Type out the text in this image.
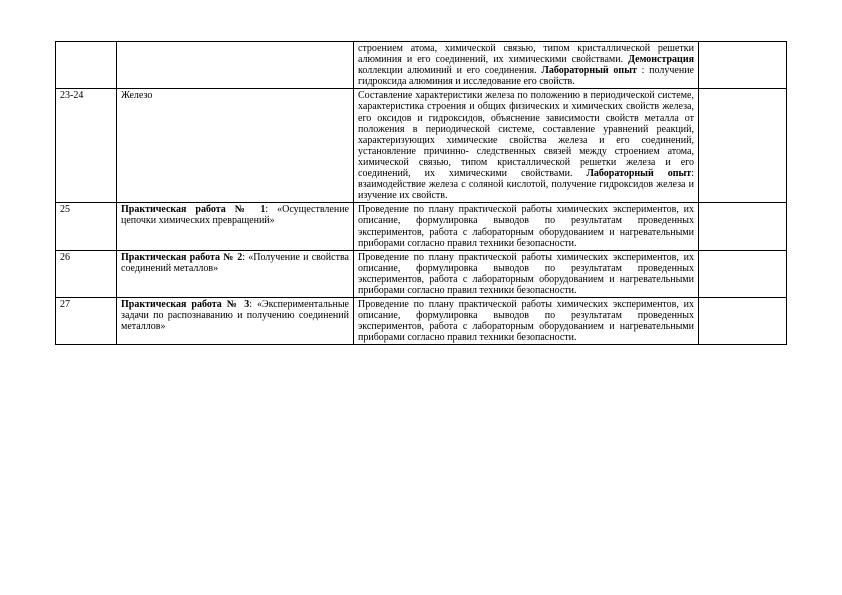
		строением атома, химической связью, типом кристаллической решетки алюминия и его соединений, их химическими свойствами. Демонстрация коллекции алюминий и его соединения. Лабораторный опыт : получение гидроксида алюминия и исследование его свойств.	
23-24	Железо	Составление характеристики железа по положению в периодической системе, характеристика строения и общих физических и химических свойств железа, его оксидов и гидроксидов, объяснение зависимости свойств металла от положения в периодической системе, составление уравнений реакций, характеризующих химические свойства железа и его соединений, установление причинно- следственных связей между строением атома, химической связью, типом кристаллической решетки железа и его соединений, их химическими свойствами. Лабораторный опыт: взаимодействие железа с соляной кислотой, получение гидроксидов железа и изучение их свойств.	
25	Практическая работа № 1: «Осуществление цепочки химических превращений»	Проведение по плану практической работы химических экспериментов, их описание, формулировка выводов по результатам проведенных экспериментов, работа с лабораторным оборудованием и нагревательными приборами согласно правил техники безопасности.	
26	Практическая работа № 2: «Получение и свойства соединений металлов»	Проведение по плану практической работы химических экспериментов, их описание, формулировка выводов по результатам проведенных экспериментов, работа с лабораторным оборудованием и нагревательными приборами согласно правил техники безопасности.	
27	Практическая работа № 3: «Экспериментальные задачи по распознаванию и получению соединений металлов»	Проведение по плану практической работы химических экспериментов, их описание, формулировка выводов по результатам проведенных экспериментов, работа с лабораторным оборудованием и нагревательными приборами согласно правил техники безопасности.	
